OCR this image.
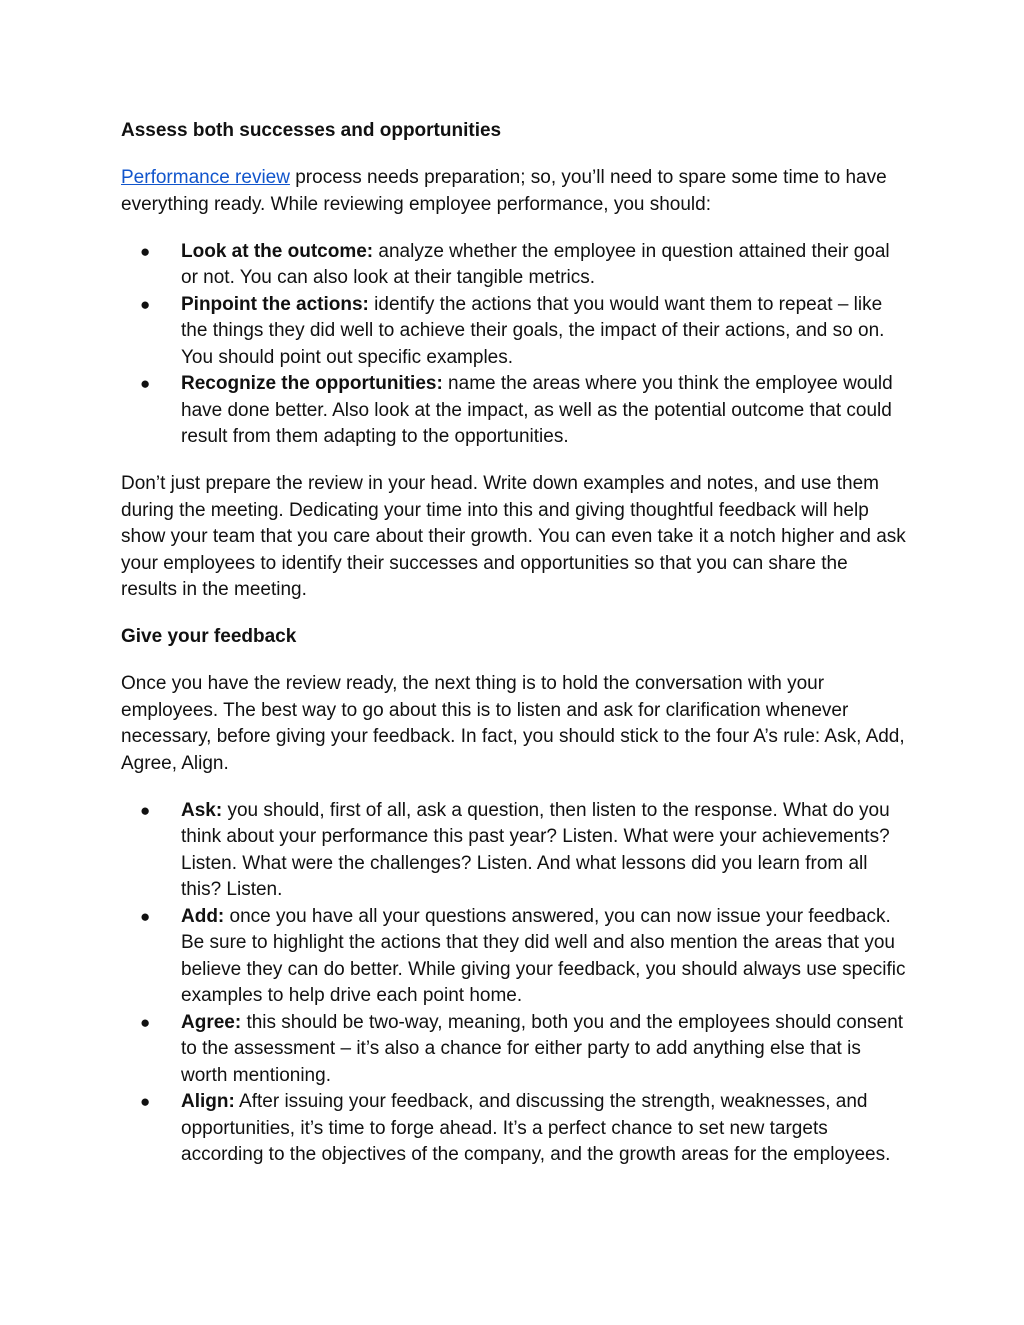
Assess both successes and opportunities

Performance review process needs preparation; so, you’ll need to spare some time to have everything ready. While reviewing employee performance, you should:

● Look at the outcome: analyze whether the employee in question attained their goal or not. You can also look at their tangible metrics.
● Pinpoint the actions: identify the actions that you would want them to repeat – like the things they did well to achieve their goals, the impact of their actions, and so on. You should point out specific examples.
● Recognize the opportunities: name the areas where you think the employee would have done better. Also look at the impact, as well as the potential outcome that could result from them adapting to the opportunities.

Don’t just prepare the review in your head. Write down examples and notes, and use them during the meeting. Dedicating your time into this and giving thoughtful feedback will help show your team that you care about their growth. You can even take it a notch higher and ask your employees to identify their successes and opportunities so that you can share the results in the meeting.

Give your feedback

Once you have the review ready, the next thing is to hold the conversation with your employees. The best way to go about this is to listen and ask for clarification whenever necessary, before giving your feedback. In fact, you should stick to the four A’s rule: Ask, Add, Agree, Align.

● Ask: you should, first of all, ask a question, then listen to the response. What do you think about your performance this past year? Listen. What were your achievements? Listen. What were the challenges? Listen. And what lessons did you learn from all this? Listen.
● Add: once you have all your questions answered, you can now issue your feedback. Be sure to highlight the actions that they did well and also mention the areas that you believe they can do better. While giving your feedback, you should always use specific examples to help drive each point home.
● Agree: this should be two-way, meaning, both you and the employees should consent to the assessment – it’s also a chance for either party to add anything else that is worth mentioning.
● Align: After issuing your feedback, and discussing the strength, weaknesses, and opportunities, it’s time to forge ahead. It’s a perfect chance to set new targets according to the objectives of the company, and the growth areas for the employees.
